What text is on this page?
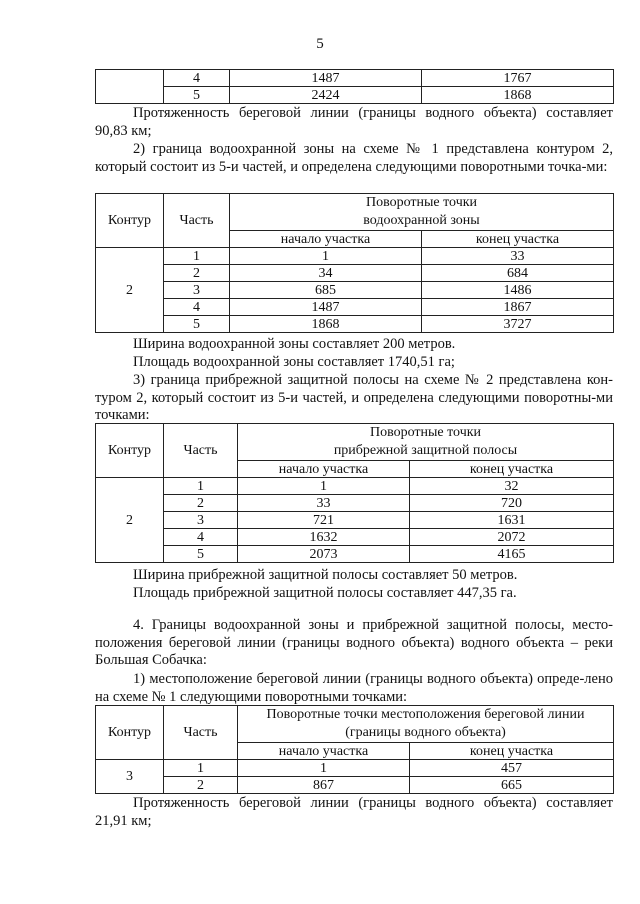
5
	4	1487	1767
	5	2424	1868

Протяженность береговой линии (границы водного объекта) составляет 90,83 км;

2) граница водоохранной зоны на схеме № 1 представлена контуром 2, который состоит из 5-и частей, и определена следующими поворотными точка-ми:

Контур	Часть	Поворотные точки
водоохранной зоны	

		начало участка	конец участка
2	1	1	33
	2	34	684
	3	685	1486
	4	1487	1867
	5	1868	3727

Ширина водоохранной зоны составляет 200 метров.

Площадь водоохранной зоны составляет 1740,51 га;

3) граница прибрежной защитной полосы на схеме № 2 представлена кон-туром 2, который состоит из 5-и частей, и определена следующими поворотны-ми точками:

Контур	Часть	Поворотные точки
прибрежной защитной полосы	

		начало участка	конец участка
2	1	1	32
	2	33	720
	3	721	1631
	4	1632	2072
	5	2073	4165

Ширина прибрежной защитной полосы составляет 50 метров.

Площадь прибрежной защитной полосы составляет 447,35 га.

4. Границы водоохранной зоны и прибрежной защитной полосы, место-положения береговой линии (границы водного объекта) водного объекта – реки Большая Собачка:

1) местоположение береговой линии (границы водного объекта) опреде-лено на схеме № 1 следующими поворотными точками:

Контур	Часть	Поворотные точки местоположения береговой линии
(границы водного объекта)	

		начало участка	конец участка
3	1	1	457
	2	867	665

Протяженность береговой линии (границы водного объекта) составляет 21,91 км;
